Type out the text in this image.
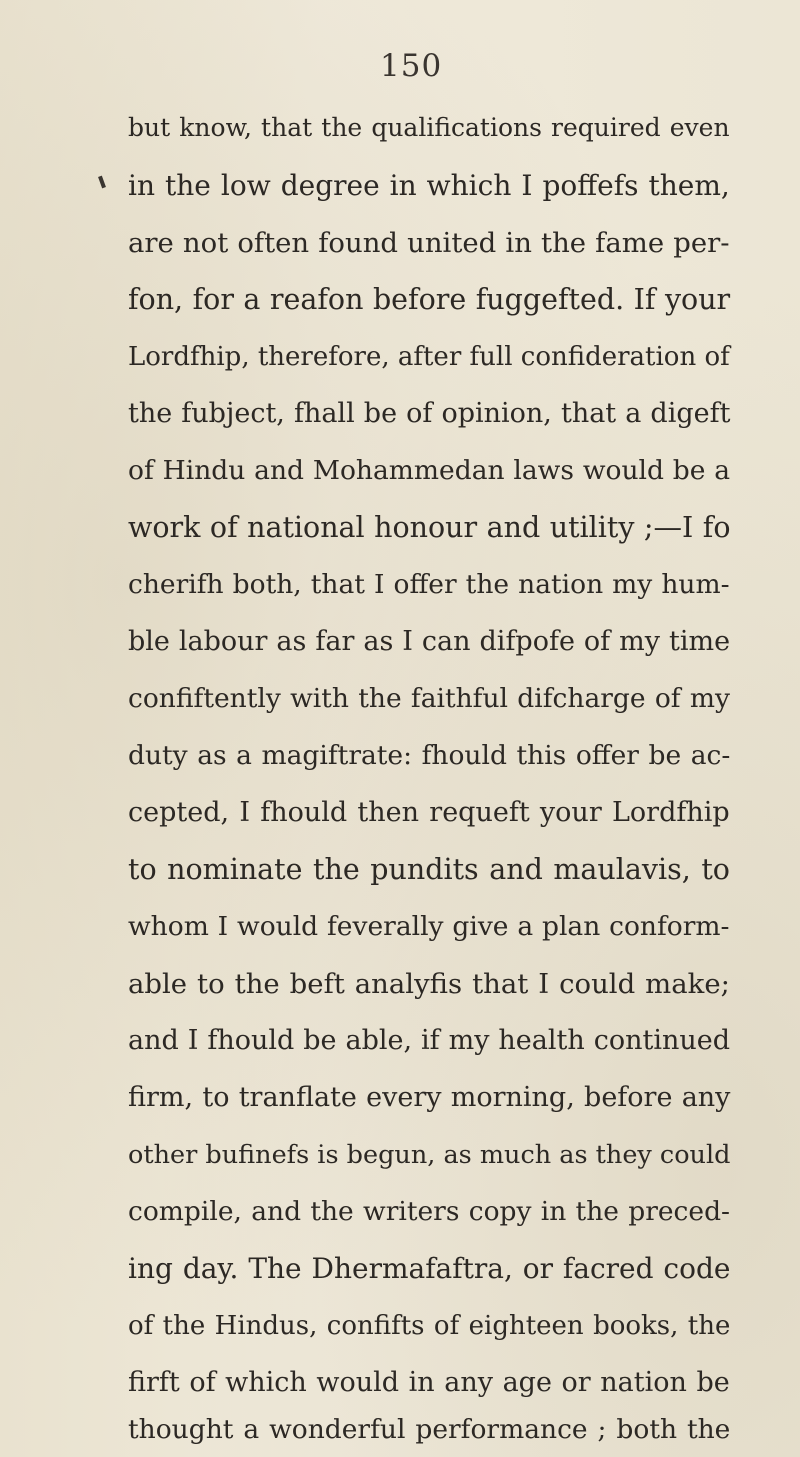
150
but know, that the qualifications required even
in the low degree in which I poffefs them,
are not often found united in the fame per-
fon, for a reafon before fuggefted. If your
Lordfhip, therefore, after full confideration of
the fubject, fhall be of opinion, that a digeft
of Hindu and Mohammedan laws would be a
work of national honour and utility ;—I fo
cherifh both, that I offer the nation my hum-
ble labour as far as I can difpofe of my time
confiftently with the faithful difcharge of my
duty as a magiftrate: fhould this offer be ac-
cepted, I fhould then requeft your Lordfhip
to nominate the pundits and maulavis, to
whom I would feverally give a plan conform-
able to the beft analyfis that I could make;
and I fhould be able, if my health continued
firm, to tranflate every morning, before any
other bufinefs is begun, as much as they could
compile, and the writers copy in the preced-
ing day. The Dhermafaftra, or facred code
of the Hindus, confifts of eighteen books, the
firft of which would in any age or nation be
thought a wonderful performance ; both the
